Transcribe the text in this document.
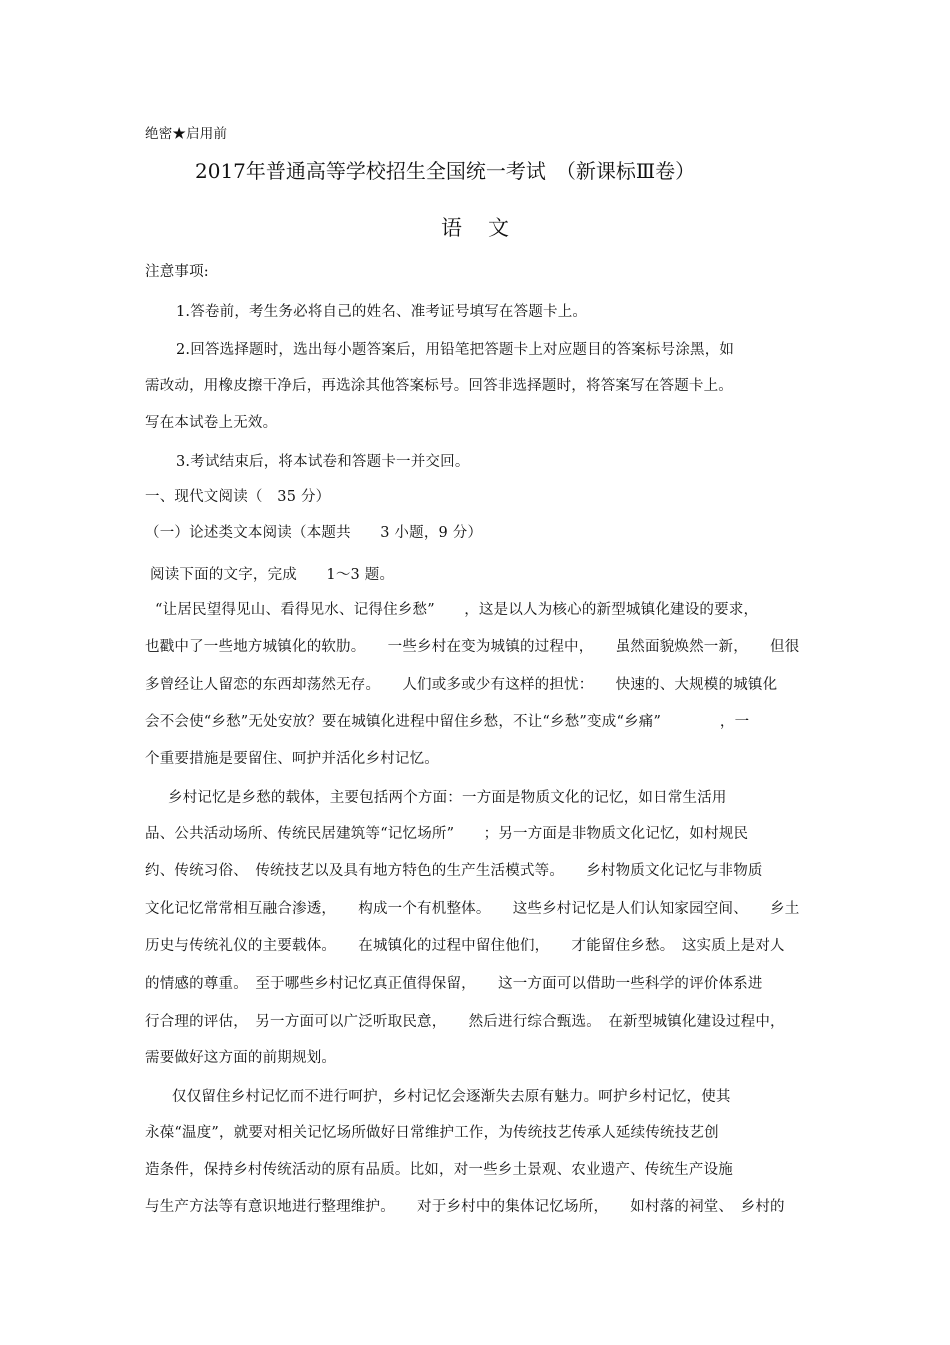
绝密★启用前
2017年普通高等学校招生全国统一考试　（新课标Ⅲ卷）
语文
注意事项:
1.答卷前，考生务必将自己的姓名、准考证号填写在答题卡上。
2.回答选择题时，选出每小题答案后，用铅笔把答题卡上对应题目的答案标号涂黑，如
需改动，用橡皮擦干净后，再选涂其他答案标号。回答非选择题时，将答案写在答题卡上。
写在本试卷上无效。
3.考试结束后，将本试卷和答题卡一并交回。
一、现代文阅读（　35 分）
（一）论述类文本阅读（本题共　　3 小题，9 分）
阅读下面的文字，完成　　1～3 题。
“让居民望得见山、看得见水、记得住乡愁”　　，这是以人为核心的新型城镇化建设的要求，
也戳中了一些地方城镇化的软肋。　　一些乡村在变为城镇的过程中，　　虽然面貌焕然一新，　　但很
多曾经让人留恋的东西却荡然无存。　　人们或多或少有这样的担忧：　　快速的、大规模的城镇化
会不会使“乡愁”无处安放？要在城镇化进程中留住乡愁，不让“乡愁”变成“乡痛”　　　　，一
个重要措施是要留住、呵护并活化乡村记忆。
乡村记忆是乡愁的载体，主要包括两个方面：一方面是物质文化的记忆，如日常生活用
品、公共活动场所、传统民居建筑等“记忆场所”　　；另一方面是非物质文化记忆，如村规民
约、传统习俗、　传统技艺以及具有地方特色的生产生活模式等。　　乡村物质文化记忆与非物质
文化记忆常常相互融合渗透，　　构成一个有机整体。　　这些乡村记忆是人们认知家园空间、　　乡土
历史与传统礼仪的主要载体。　　在城镇化的过程中留住他们，　　才能留住乡愁。　这实质上是对人
的情感的尊重。　至于哪些乡村记忆真正值得保留，　　这一方面可以借助一些科学的评价体系进
行合理的评估，　另一方面可以广泛听取民意，　　然后进行综合甄选。　在新型城镇化建设过程中，
需要做好这方面的前期规划。
仅仅留住乡村记忆而不进行呵护，乡村记忆会逐渐失去原有魅力。呵护乡村记忆，使其
永葆“温度”，就要对相关记忆场所做好日常维护工作，为传统技艺传承人延续传统技艺创
造条件，保持乡村传统活动的原有品质。比如，对一些乡土景观、农业遗产、传统生产设施
与生产方法等有意识地进行整理维护。　　对于乡村中的集体记忆场所，　　如村落的祠堂、　乡村的
